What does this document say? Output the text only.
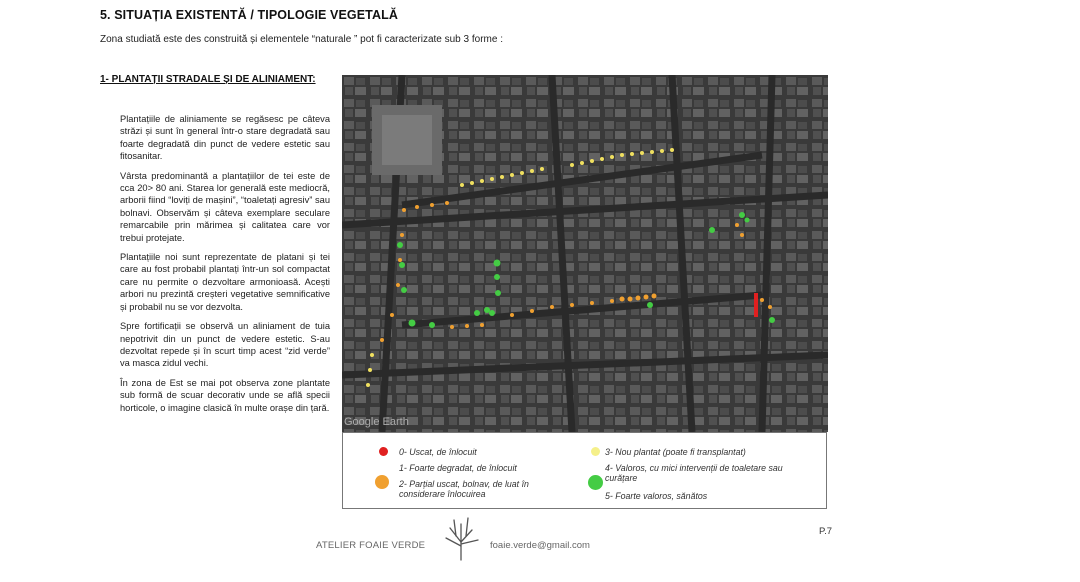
5. SITUAȚIA EXISTENTĂ / TIPOLOGIE VEGETALĂ
Zona studiată este des construită și elementele “naturale ” pot fi caracterizate sub 3 forme :
1- PLANTAȚII STRADALE ȘI DE ALINIAMENT:

Plantațiile de aliniamente se regăsesc pe câteva străzi și sunt în general într-o stare degradată sau foarte degradată din punct de vedere estetic sau fitosanitar.

Vârsta predominantă a plantațiilor de tei este de cca 20> 80 ani. Starea lor generală este mediocră, arborii fiind “loviți de mașini”, “toaletați agresiv” sau bolnavi. Observăm și câteva exemplare seculare remarcabile prin mărimea și calitatea care vor trebui protejate.

Plantațiile noi sunt reprezentate de platani și tei care au fost probabil plantați într-un sol compactat care nu permite o dezvoltare armonioasă. Acești arbori nu prezintă creșteri vegetative semnificative și probabil nu se vor dezvolta.

Spre fortificații se observă un aliniament de tuia nepotrivit din un punct de vedere estetic. S-au dezvoltat repede și în scurt timp acest “zid verde” va masca zidul vechi.

În zona de Est se mai pot observa zone plantate sub formă de scuar decorativ unde se află specii horticole, o imagine clasică în multe orașe din țară.

Google Earth
0- Uscat, de înlocuit
1- Foarte degradat, de înlocuit
2- Parțial uscat, bolnav, de luat în considerare înlocuirea
3- Nou plantat (poate fi transplantat)
4- Valoros, cu mici intervenții de toaletare sau curățare
5- Foarte valoros, sănătos
P.7
ATELIER FOAIE VERDE	foaie.verde@gmail.com
